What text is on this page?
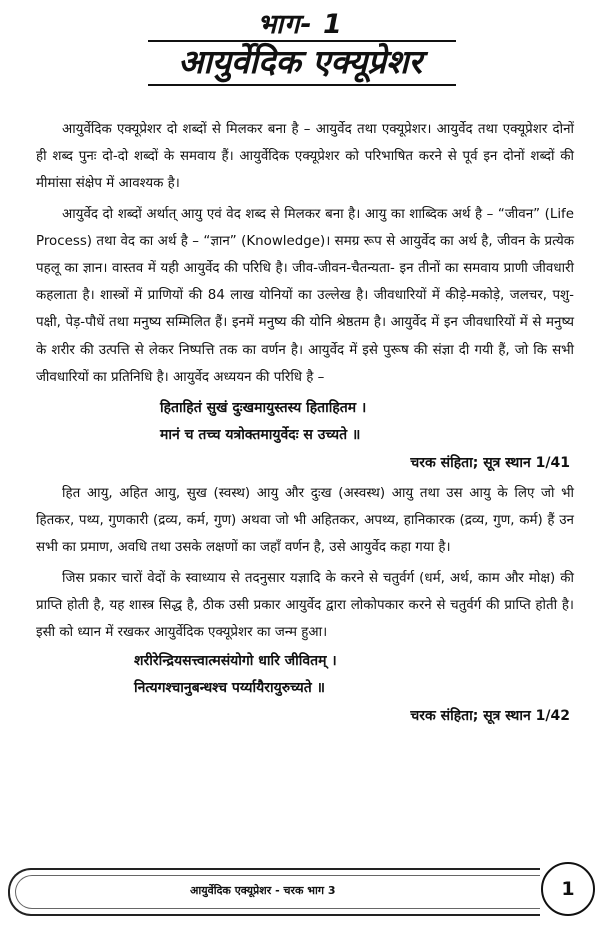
भाग- 1
आयुर्वेदिक एक्यूप्रेशर

आयुर्वेदिक एक्यूप्रेशर दो शब्दों से मिलकर बना है – आयुर्वेद तथा एक्यूप्रेशर। आयुर्वेद तथा एक्यूप्रेशर दोनों ही शब्द पुनः दो-दो शब्दों के समवाय हैं। आयुर्वेदिक एक्यूप्रेशर को परिभाषित करने से पूर्व इन दोनों शब्दों की मीमांसा संक्षेप में आवश्यक है।

आयुर्वेद दो शब्दों अर्थात् आयु एवं वेद शब्द से मिलकर बना है। आयु का शाब्दिक अर्थ है – “जीवन” (Life Process) तथा वेद का अर्थ है – “ज्ञान” (Knowledge)। समग्र रूप से आयुर्वेद का अर्थ है, जीवन के प्रत्येक पहलू का ज्ञान। वास्तव में यही आयुर्वेद की परिधि है। जीव-जीवन-चैतन्यता- इन तीनों का समवाय प्राणी जीवधारी कहलाता है। शास्त्रों में प्राणियों की 84 लाख योनियों का उल्लेख है। जीवधारियों में कीड़े-मकोड़े, जलचर, पशु-पक्षी, पेड़-पौधें तथा मनुष्य सम्मिलित हैं। इनमें मनुष्य की योनि श्रेष्ठतम है। आयुर्वेद में इन जीवधारियों में से मनुष्य के शरीर की उत्पत्ति से लेकर निष्पत्ति तक का वर्णन है। आयुर्वेद में इसे पुरूष की संज्ञा दी गयी हैं, जो कि सभी जीवधारियों का प्रतिनिधि है। आयुर्वेद अध्ययन की परिधि है –

हिताहितं सुखं दुःखमायुस्तस्य हिताहितम ।

मानं च तच्च यत्रोक्तमायुर्वेदः स उच्यते ॥

चरक संहिता; सूत्र स्थान 1/41

हित आयु, अहित आयु, सुख (स्वस्थ) आयु और दुःख (अस्वस्थ) आयु तथा उस आयु के लिए जो भी हितकर, पथ्य, गुणकारी (द्रव्य, कर्म, गुण) अथवा जो भी अहितकर, अपथ्य, हानिकारक (द्रव्य, गुण, कर्म) हैं उन सभी का प्रमाण, अवधि तथा उसके लक्षणों का जहाँ वर्णन है, उसे आयुर्वेद कहा गया है।

जिस प्रकार चारों वेदों के स्वाध्याय से तदनुसार यज्ञादि के करने से चतुर्वर्ग (धर्म, अर्थ, काम और मोक्ष) की प्राप्ति होती है, यह शास्त्र सिद्ध है, ठीक उसी प्रकार आयुर्वेद द्वारा लोकोपकार करने से चतुर्वर्ग की प्राप्ति होती है। इसी को ध्यान में रखकर आयुर्वेदिक एक्यूप्रेशर का जन्म हुआ।

शरीरेन्द्रियसत्त्वात्मसंयोगो धारि जीवितम् ।

नित्यगश्चानुबन्धश्च पर्य्यायैरायुरुच्यते ॥

चरक संहिता; सूत्र स्थान 1/42

आयुर्वेदिक एक्यूप्रेशर - चरक भाग 3	1
